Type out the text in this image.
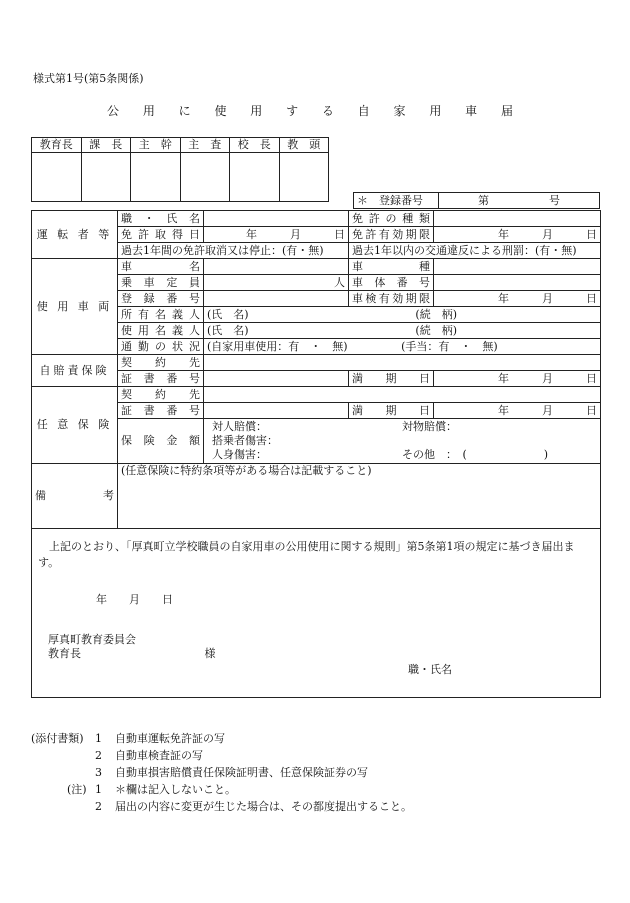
様式第1号(第5条関係)
公 用 に 使 用 す る 自 家 用 車 届
教育長	課　長	主　幹	主　査	校　長	教　頭

＊　登録番号	第	号
運 転 者 等	職・氏名		免許の種類	
	免許取得日	年　　　月　　　日	免許有効期限	年　　　月　　　日
	過去1年間の免許取消又は停止：(有・無)		過去1年以内の交通違反による刑罰：(有・無)	
使 用 車 両	車名		車種	
	乗車定員	人	車体番号	
	登録番号		車検有効期限	年　　　月　　　日
	所有名義人	(氏　名) (続　柄)		

	使用名義人	(氏　名) (続　柄)		

	通勤の状況	(自家用車使用：有　・　無) (手当：有　・　無)		
自賠責保険	契約先			
	証書番号		満期日	年　　　月　　　日
任 意 保 険	契約先			
	証書番号		満期日	年　　　月　　　日
	保険金額	対人賠償： 対物賠償：
搭乗者傷害：
人身傷害： その他　：　(　　　　　　　)		

備 考	(任意保険に特約条項等がある場合は記載すること)			

　上記のとおり、「厚真町立学校職員の自家用車の公用使用に関する規則」第5条第1項の規定に基づき届出ます。
年　　月　　日
厚真町教育委員会
教育長 様
職・氏名				
(添付書類) 1 自動車運転免許証の写
2 自動車検査証の写
3 自動車損害賠償責任保険証明書、任意保険証券の写
(注) 1 ＊欄は記入しないこと。
2 届出の内容に変更が生じた場合は、その都度提出すること。
